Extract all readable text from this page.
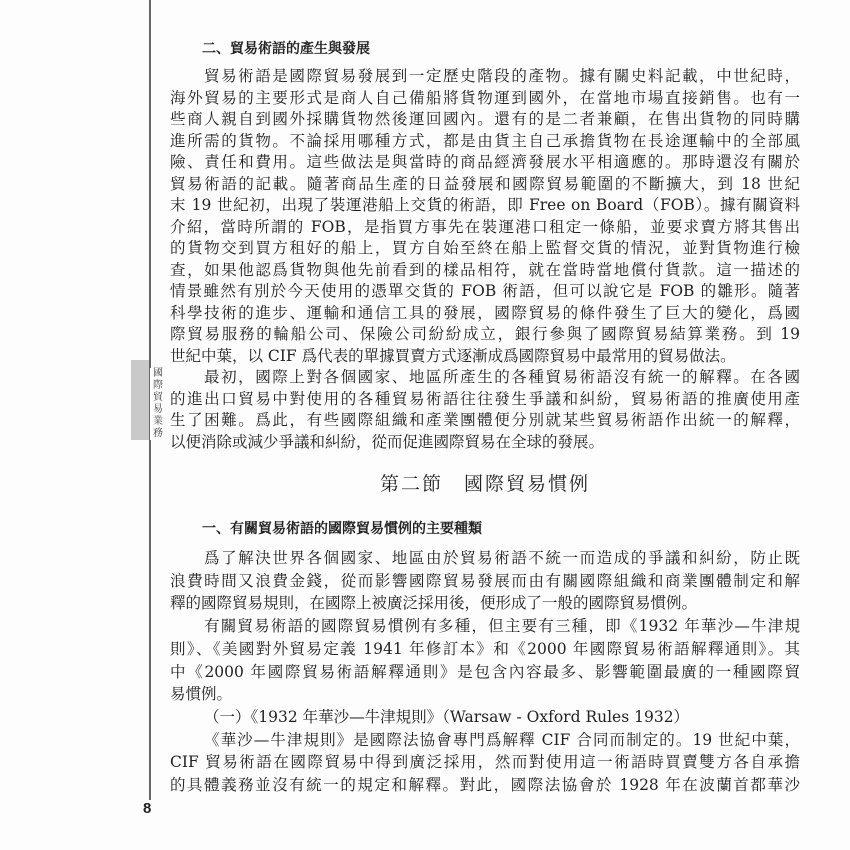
國際貿易業務
8
二、貿易術語的產生與發展
貿易術語是國際貿易發展到一定歷史階段的產物。據有關史料記載，中世紀時，
海外貿易的主要形式是商人自己備船將貨物運到國外，在當地市場直接銷售。也有一
些商人親自到國外採購貨物然後運回國內。還有的是二者兼顧，在售出貨物的同時購
進所需的貨物。不論採用哪種方式，都是由貨主自己承擔貨物在長途運輸中的全部風
險、責任和費用。這些做法是與當時的商品經濟發展水平相適應的。那時還沒有關於
貿易術語的記載。隨著商品生產的日益發展和國際貿易範圍的不斷擴大，到 18 世紀
末 19 世紀初，出現了裝運港船上交貨的術語，即 Free on Board（FOB）。據有關資料
介紹，當時所謂的 FOB，是指買方事先在裝運港口租定一條船，並要求賣方將其售出
的貨物交到買方租好的船上，買方自始至終在船上監督交貨的情況，並對貨物進行檢
查，如果他認爲貨物與他先前看到的樣品相符，就在當時當地償付貨款。這一描述的
情景雖然有別於今天使用的憑單交貨的 FOB 術語，但可以說它是 FOB 的雛形。隨著
科學技術的進步、運輸和通信工具的發展，國際貿易的條件發生了巨大的變化，爲國
際貿易服務的輪船公司、保險公司紛紛成立，銀行參與了國際貿易結算業務。到 19
世紀中葉，以 CIF 爲代表的單據買賣方式逐漸成爲國際貿易中最常用的貿易做法。
最初，國際上對各個國家、地區所產生的各種貿易術語沒有統一的解釋。在各國
的進出口貿易中對使用的各種貿易術語往往發生爭議和糾紛，貿易術語的推廣使用產
生了困難。爲此，有些國際組織和產業團體便分別就某些貿易術語作出統一的解釋，
以便消除或減少爭議和糾紛，從而促進國際貿易在全球的發展。
第二節　國際貿易慣例
一、有關貿易術語的國際貿易慣例的主要種類
爲了解決世界各個國家、地區由於貿易術語不統一而造成的爭議和糾紛，防止既
浪費時間又浪費金錢，從而影響國際貿易發展而由有關國際組織和商業團體制定和解
釋的國際貿易規則，在國際上被廣泛採用後，便形成了一般的國際貿易慣例。
有關貿易術語的國際貿易慣例有多種，但主要有三種，即《1932 年華沙—牛津規
則》、《美國對外貿易定義 1941 年修訂本》和《2000 年國際貿易術語解釋通則》。其
中《2000 年國際貿易術語解釋通則》是包含內容最多、影響範圍最廣的一種國際貿
易慣例。
（一）《1932 年華沙—牛津規則》（Warsaw - Oxford Rules 1932）
《華沙—牛津規則》是國際法協會專門爲解釋 CIF 合同而制定的。19 世紀中葉，
CIF 貿易術語在國際貿易中得到廣泛採用，然而對使用這一術語時買賣雙方各自承擔
的具體義務並沒有統一的規定和解釋。對此，國際法協會於 1928 年在波蘭首都華沙
